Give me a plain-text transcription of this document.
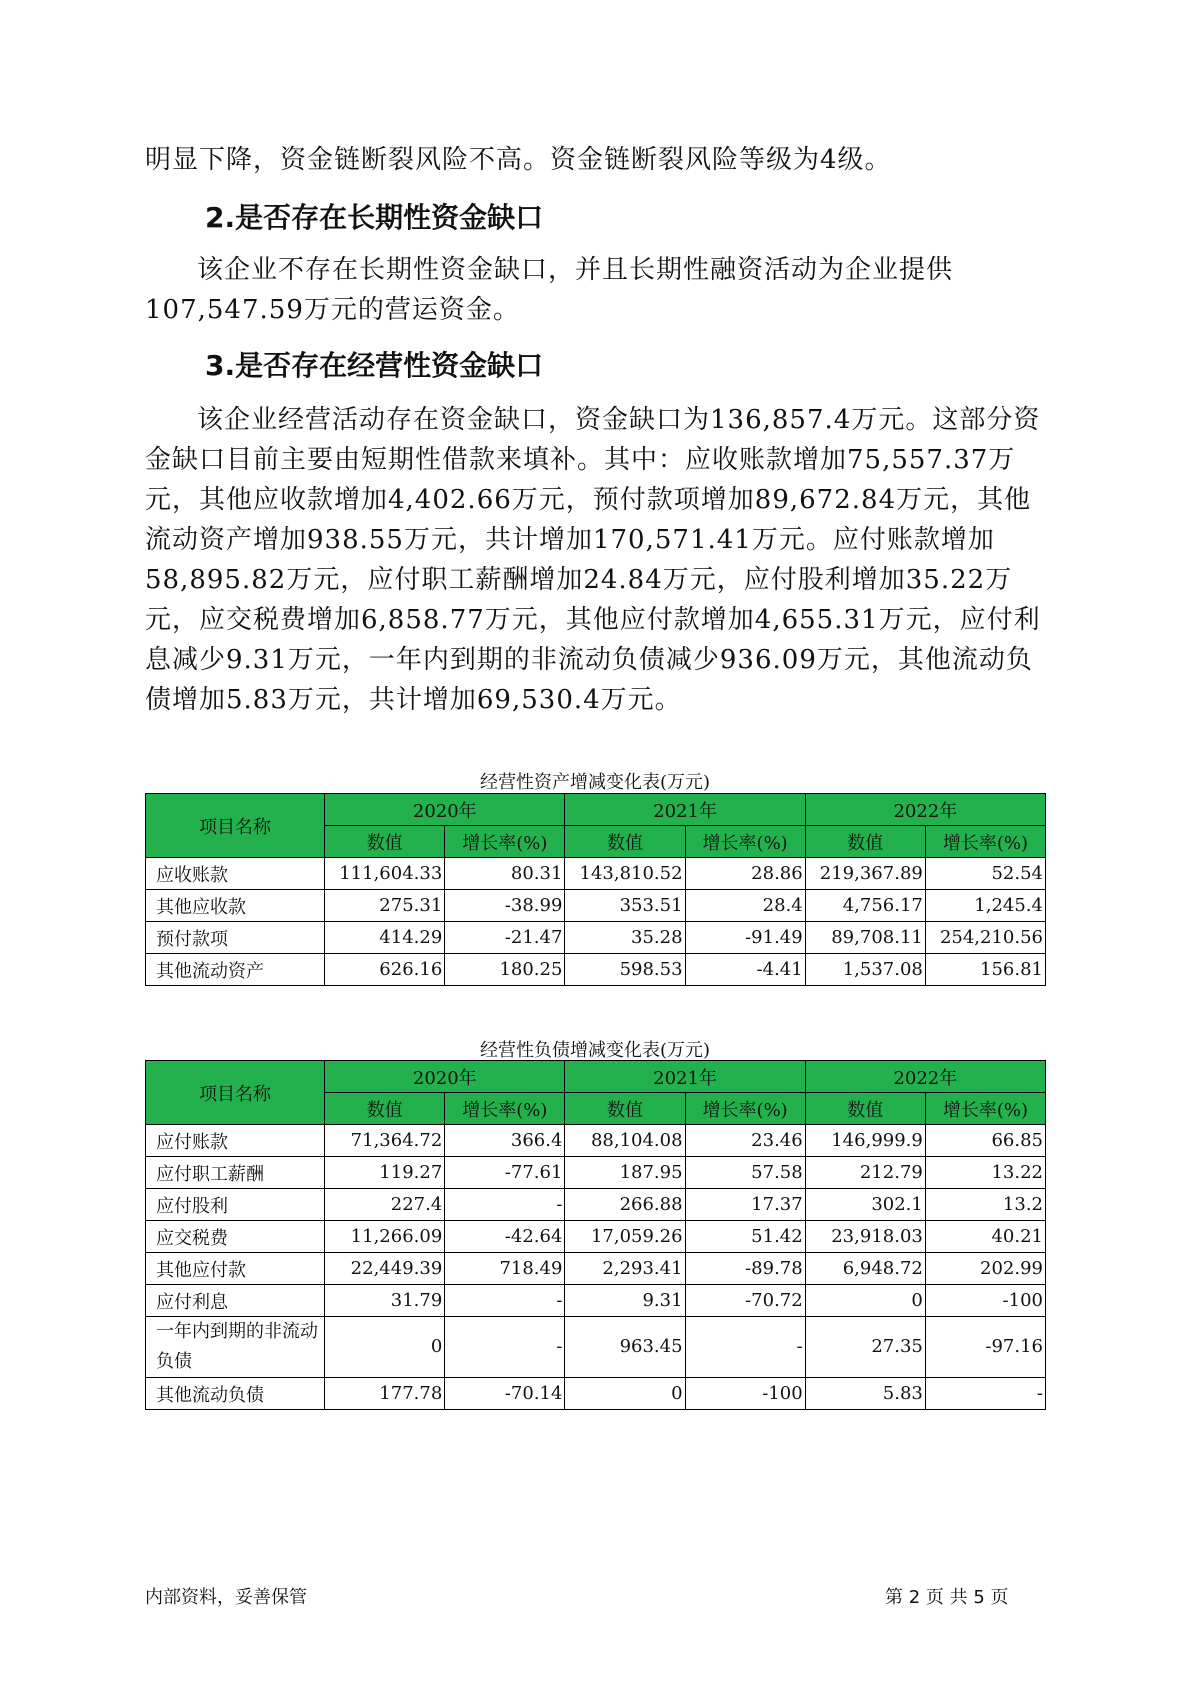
明显下降，资金链断裂风险不高。资金链断裂风险等级为4级。

2.是否存在长期性资金缺口

该企业不存在长期性资金缺口，并且长期性融资活动为企业提供107,547.59万元的营运资金。

3.是否存在经营性资金缺口

该企业经营活动存在资金缺口，资金缺口为136,857.4万元。这部分资金缺口目前主要由短期性借款来填补。其中：应收账款增加75,557.37万元，其他应收款增加4,402.66万元，预付款项增加89,672.84万元，其他流动资产增加938.55万元，共计增加170,571.41万元。应付账款增加58,895.82万元，应付职工薪酬增加24.84万元，应付股利增加35.22万元，应交税费增加6,858.77万元，其他应付款增加4,655.31万元，应付利息减少9.31万元，一年内到期的非流动负债减少936.09万元，其他流动负债增加5.83万元，共计增加69,530.4万元。

经营性资产增减变化表(万元)

项目名称	2020年		2021年		2022年	
	数值	增长率(%)	数值	增长率(%)	数值	增长率(%)
应收账款	111,604.33	80.31	143,810.52	28.86	219,367.89	52.54
其他应收款	275.31	-38.99	353.51	28.4	4,756.17	1,245.4
预付款项	414.29	-21.47	35.28	-91.49	89,708.11	254,210.56
其他流动资产	626.16	180.25	598.53	-4.41	1,537.08	156.81

经营性负债增减变化表(万元)

项目名称	2020年		2021年		2022年	
	数值	增长率(%)	数值	增长率(%)	数值	增长率(%)
应付账款	71,364.72	366.4	88,104.08	23.46	146,999.9	66.85
应付职工薪酬	119.27	-77.61	187.95	57.58	212.79	13.22
应付股利	227.4	-	266.88	17.37	302.1	13.2
应交税费	11,266.09	-42.64	17,059.26	51.42	23,918.03	40.21
其他应付款	22,449.39	718.49	2,293.41	-89.78	6,948.72	202.99
应付利息	31.79	-	9.31	-70.72	0	-100
一年内到期的非流动负债	0	-	963.45	-	27.35	-97.16
其他流动负债	177.78	-70.14	0	-100	5.83	-
内部资料，妥善保管	第 2 页 共 5 页
